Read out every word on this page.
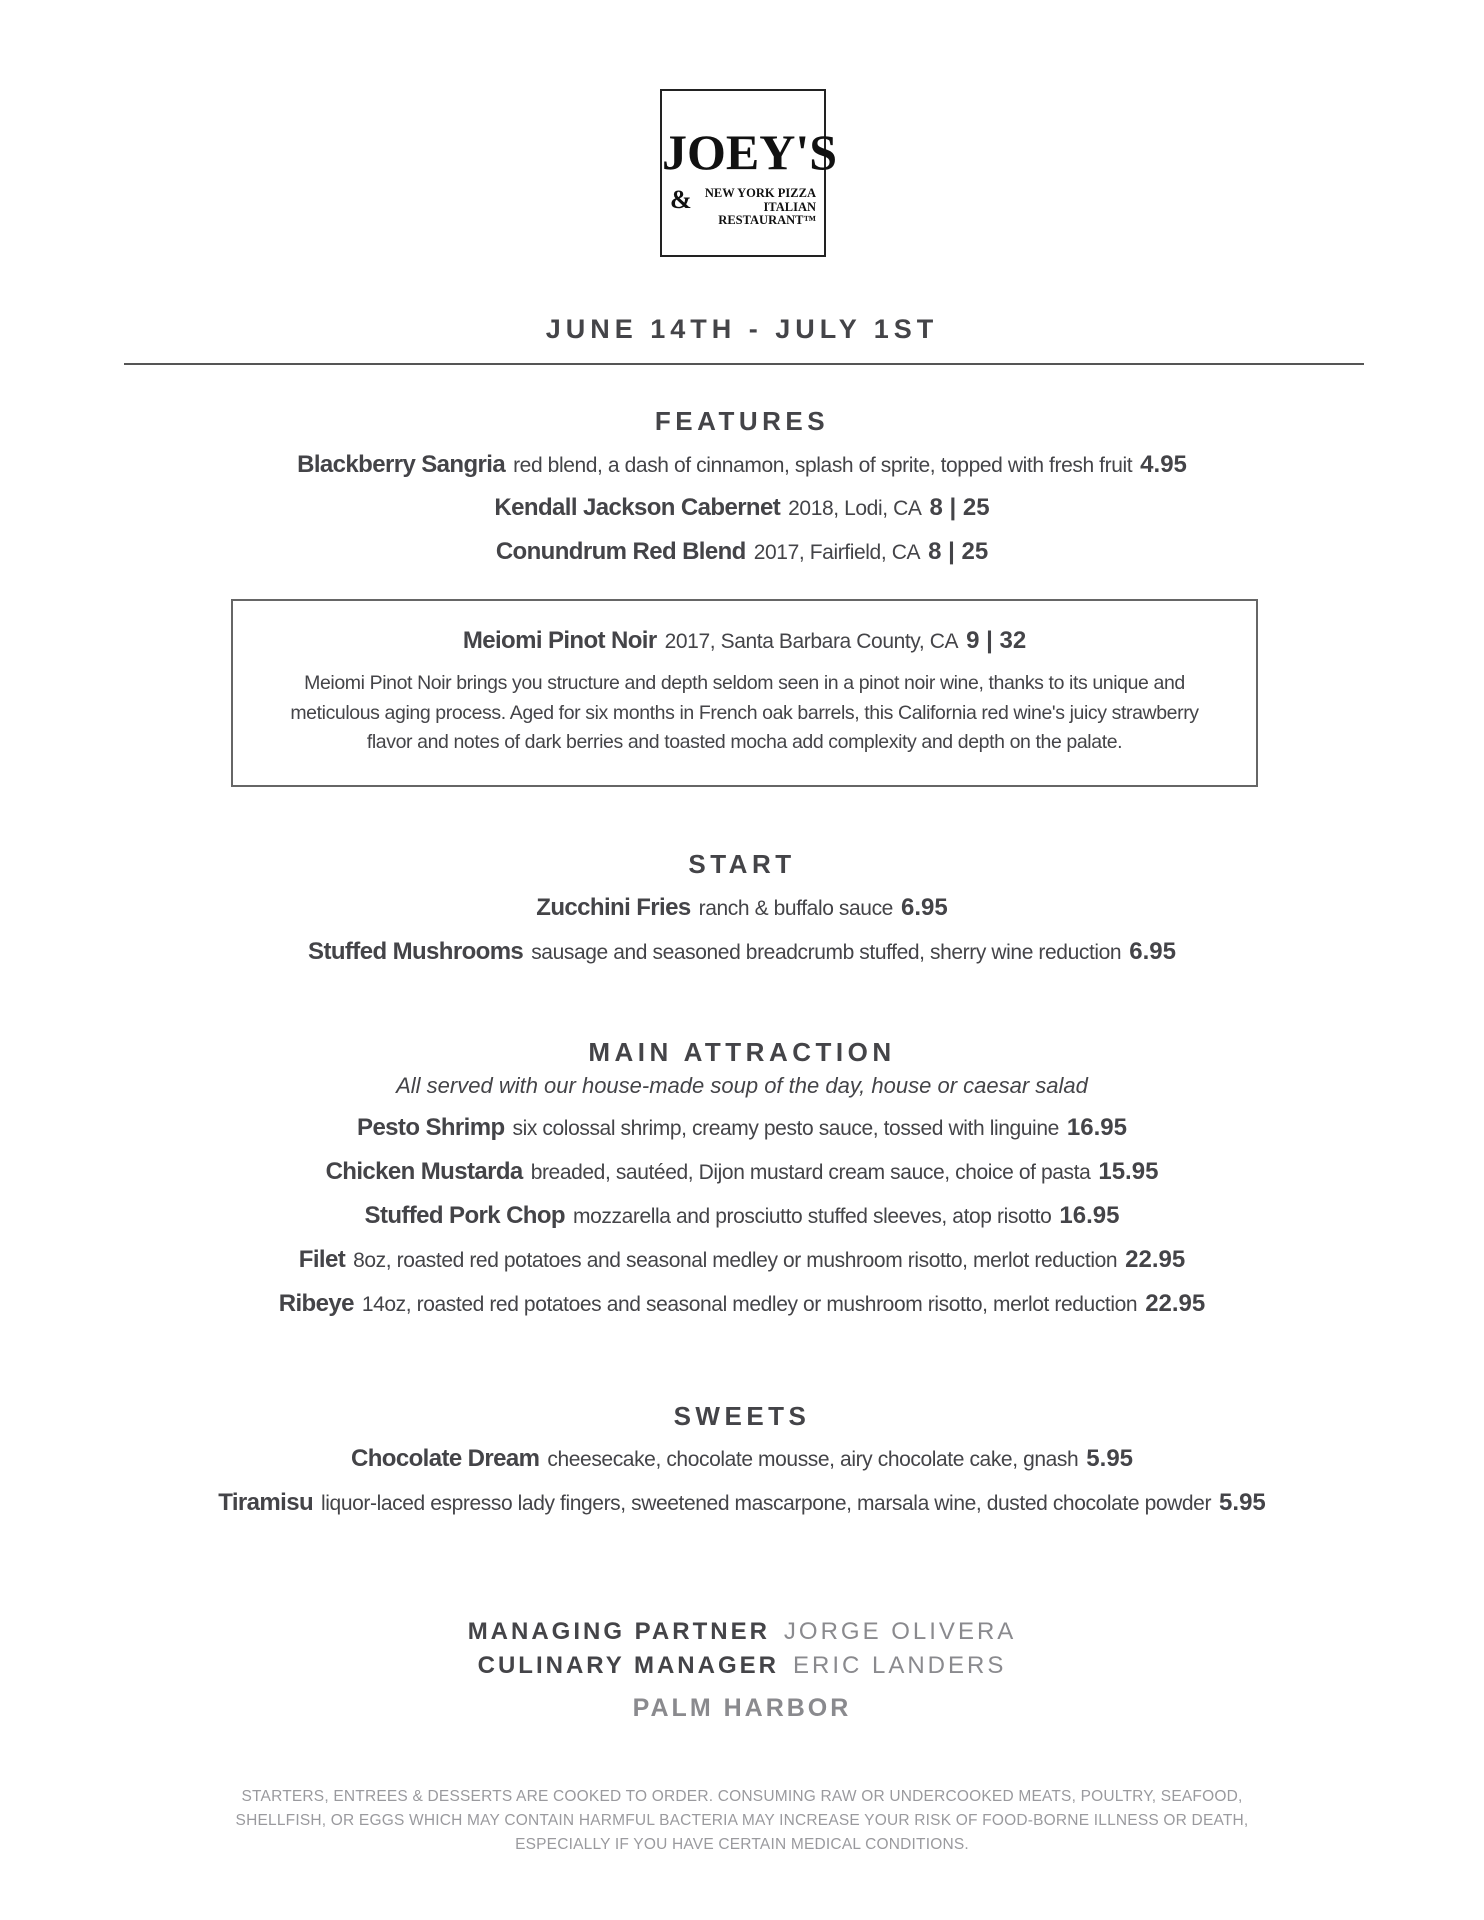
JOEY'S
&	NEW YORK PIZZA
ITALIAN RESTAURANT™
JUNE 14TH - JULY 1ST
FEATURES
Blackberry Sangria red blend, a dash of cinnamon, splash of sprite, topped with fresh fruit 4.95
Kendall Jackson Cabernet 2018, Lodi, CA 8 | 25
Conundrum Red Blend 2017, Fairfield, CA 8 | 25
Meiomi Pinot Noir 2017, Santa Barbara County, CA 9 | 32
Meiomi Pinot Noir brings you structure and depth seldom seen in a pinot noir wine, thanks to its unique and
meticulous aging process. Aged for six months in French oak barrels, this California red wine's juicy strawberry
flavor and notes of dark berries and toasted mocha add complexity and depth on the palate.
START
Zucchini Fries ranch & buffalo sauce 6.95
Stuffed Mushrooms sausage and seasoned breadcrumb stuffed, sherry wine reduction 6.95
MAIN ATTRACTION
All served with our house-made soup of the day, house or caesar salad
Pesto Shrimp six colossal shrimp, creamy pesto sauce, tossed with linguine 16.95
Chicken Mustarda breaded, sautéed, Dijon mustard cream sauce, choice of pasta 15.95
Stuffed Pork Chop mozzarella and prosciutto stuffed sleeves, atop risotto 16.95
Filet 8oz, roasted red potatoes and seasonal medley or mushroom risotto, merlot reduction 22.95
Ribeye 14oz, roasted red potatoes and seasonal medley or mushroom risotto, merlot reduction 22.95
SWEETS
Chocolate Dream cheesecake, chocolate mousse, airy chocolate cake, gnash 5.95
Tiramisu liquor-laced espresso lady fingers, sweetened mascarpone, marsala wine, dusted chocolate powder 5.95
MANAGING PARTNER JORGE OLIVERA
CULINARY MANAGER ERIC LANDERS
PALM HARBOR
STARTERS, ENTREES & DESSERTS ARE COOKED TO ORDER. CONSUMING RAW OR UNDERCOOKED MEATS, POULTRY, SEAFOOD,
SHELLFISH, OR EGGS WHICH MAY CONTAIN HARMFUL BACTERIA MAY INCREASE YOUR RISK OF FOOD-BORNE ILLNESS OR DEATH,
ESPECIALLY IF YOU HAVE CERTAIN MEDICAL CONDITIONS.
